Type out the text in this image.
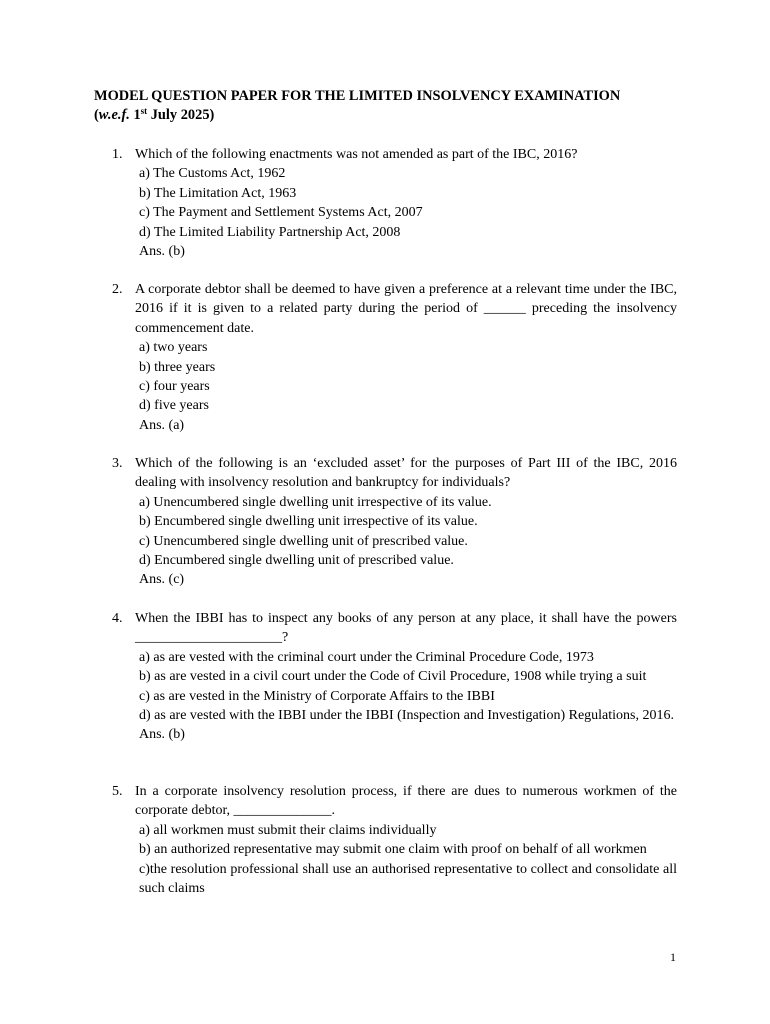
MODEL QUESTION PAPER FOR THE LIMITED INSOLVENCY EXAMINATION
(w.e.f. 1st July 2025)
1. Which of the following enactments was not amended as part of the IBC, 2016?
a) The Customs Act, 1962
b) The Limitation Act, 1963
c) The Payment and Settlement Systems Act, 2007
d) The Limited Liability Partnership Act, 2008
Ans. (b)
2. A corporate debtor shall be deemed to have given a preference at a relevant time under the IBC, 2016 if it is given to a related party during the period of ______ preceding the insolvency commencement date.
a) two years
b) three years
c) four years
d) five years
Ans. (a)
3. Which of the following is an ‘excluded asset’ for the purposes of Part III of the IBC, 2016 dealing with insolvency resolution and bankruptcy for individuals?
a) Unencumbered single dwelling unit irrespective of its value.
b) Encumbered single dwelling unit irrespective of its value.
c) Unencumbered single dwelling unit of prescribed value.
d) Encumbered single dwelling unit of prescribed value.
Ans. (c)
4. When the IBBI has to inspect any books of any person at any place, it shall have the powers _____________________?
a) as are vested with the criminal court under the Criminal Procedure Code, 1973
b) as are vested in a civil court under the Code of Civil Procedure, 1908 while trying a suit
c) as are vested in the Ministry of Corporate Affairs to the IBBI
d) as are vested with the IBBI under the IBBI (Inspection and Investigation) Regulations, 2016.
Ans. (b)
5. In a corporate insolvency resolution process, if there are dues to numerous workmen of the corporate debtor, ______________.
a) all workmen must submit their claims individually
b) an authorized representative may submit one claim with proof on behalf of all workmen
c)the resolution professional shall use an authorised representative to collect and consolidate all such claims
1
